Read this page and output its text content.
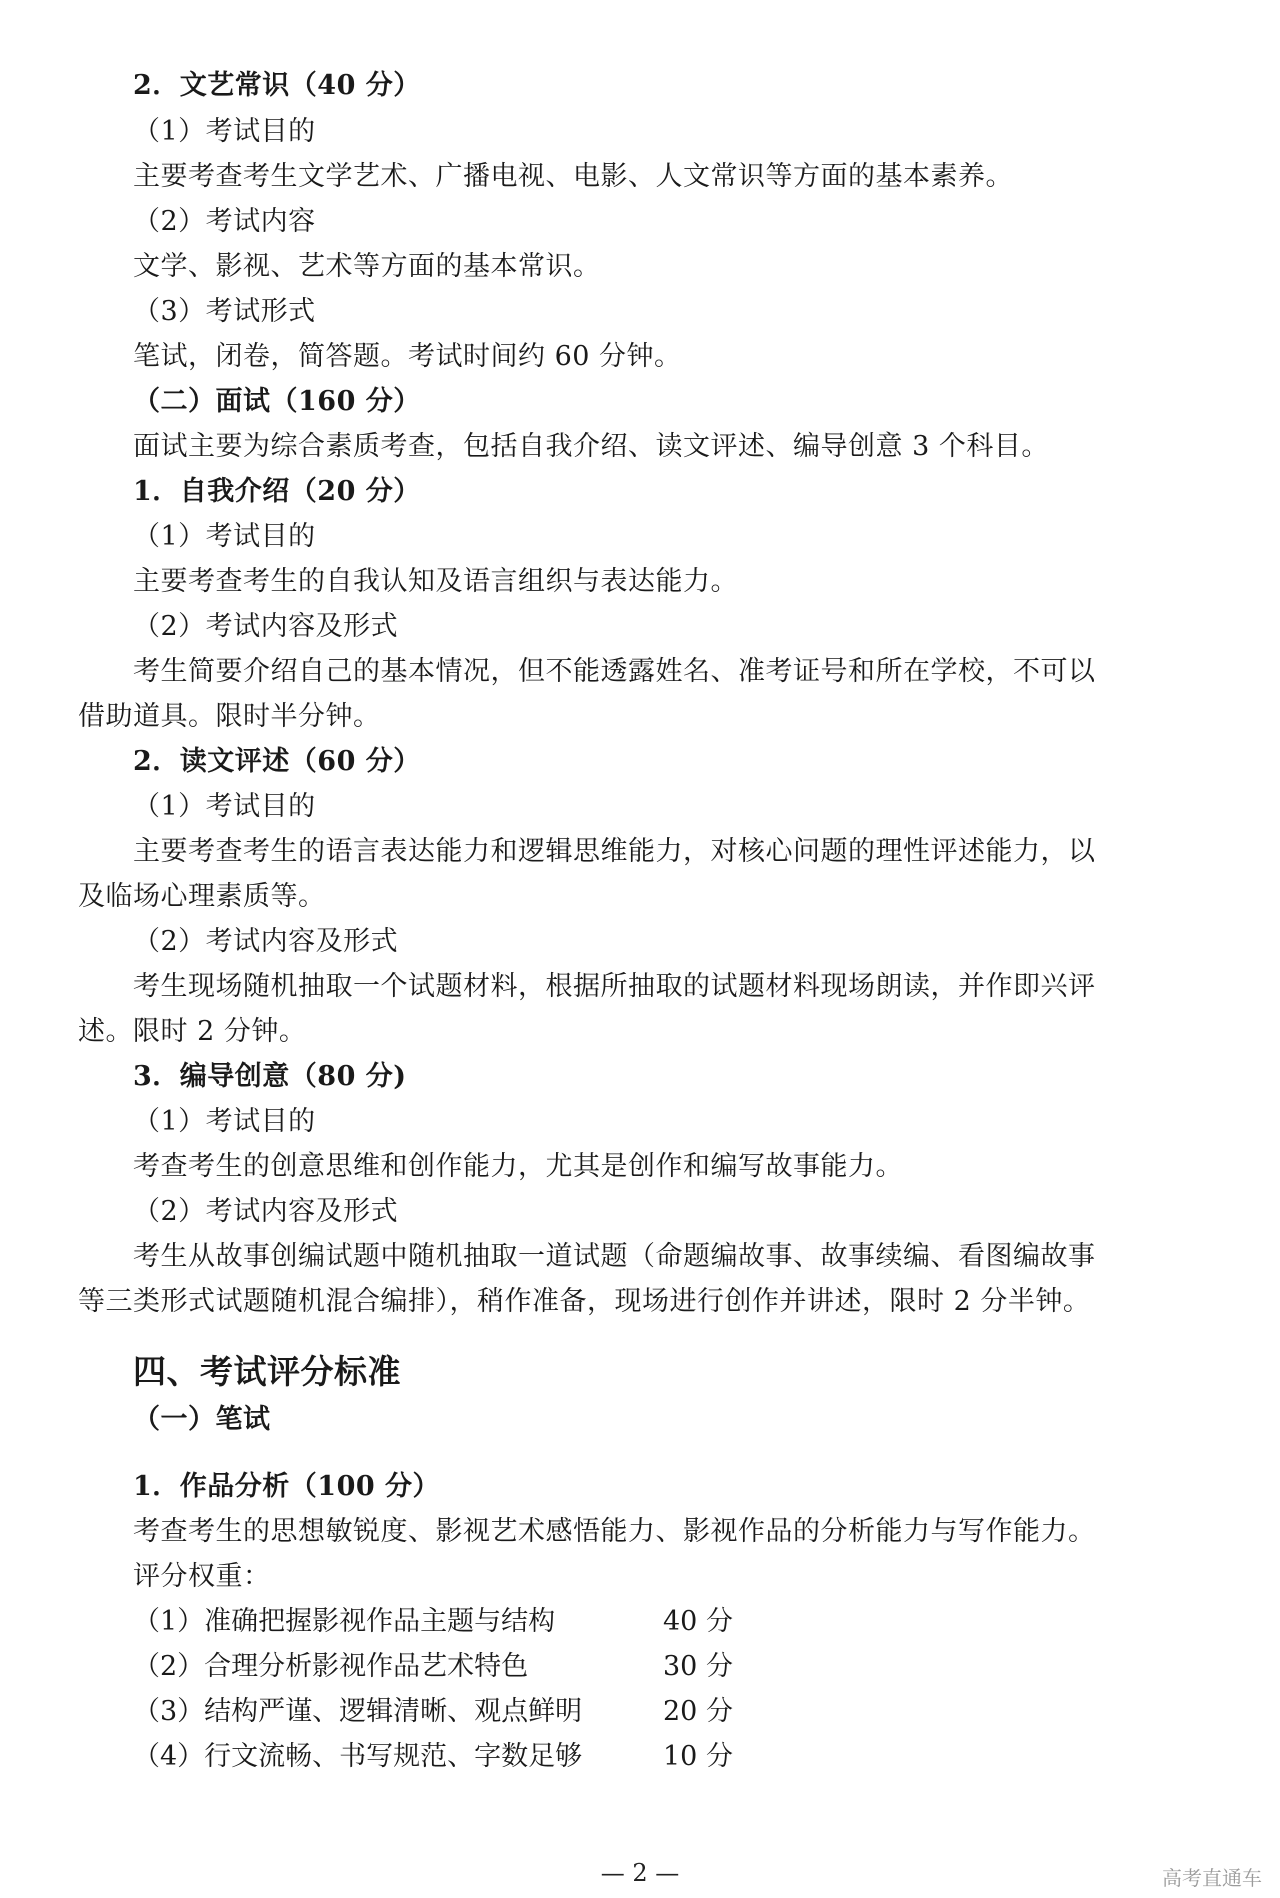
2．文艺常识（40 分）
（1）考试目的
主要考查考生文学艺术、广播电视、电影、人文常识等方面的基本素养。
（2）考试内容
文学、影视、艺术等方面的基本常识。
（3）考试形式
笔试，闭卷，简答题。考试时间约 60 分钟。
（二）面试（160 分）
面试主要为综合素质考查，包括自我介绍、读文评述、编导创意 3 个科目。
1．自我介绍（20 分）
（1）考试目的
主要考查考生的自我认知及语言组织与表达能力。
（2）考试内容及形式
考生简要介绍自己的基本情况，但不能透露姓名、准考证号和所在学校，不可以
借助道具。限时半分钟。
2．读文评述（60 分）
（1）考试目的
主要考查考生的语言表达能力和逻辑思维能力，对核心问题的理性评述能力，以
及临场心理素质等。
（2）考试内容及形式
考生现场随机抽取一个试题材料，根据所抽取的试题材料现场朗读，并作即兴评
述。限时 2 分钟。
3．编导创意（80 分)
（1）考试目的
考查考生的创意思维和创作能力，尤其是创作和编写故事能力。
（2）考试内容及形式
考生从故事创编试题中随机抽取一道试题（命题编故事、故事续编、看图编故事
等三类形式试题随机混合编排），稍作准备，现场进行创作并讲述，限时 2 分半钟。
四、考试评分标准
（一）笔试
1．作品分析（100 分）
考查考生的思想敏锐度、影视艺术感悟能力、影视作品的分析能力与写作能力。
评分权重：
（1）准确把握影视作品主题与结构	40 分
（2）合理分析影视作品艺术特色	30 分
（3）结构严谨、逻辑清晰、观点鲜明	20 分
（4）行文流畅、书写规范、字数足够	10 分
— 2 —	高考直通车
